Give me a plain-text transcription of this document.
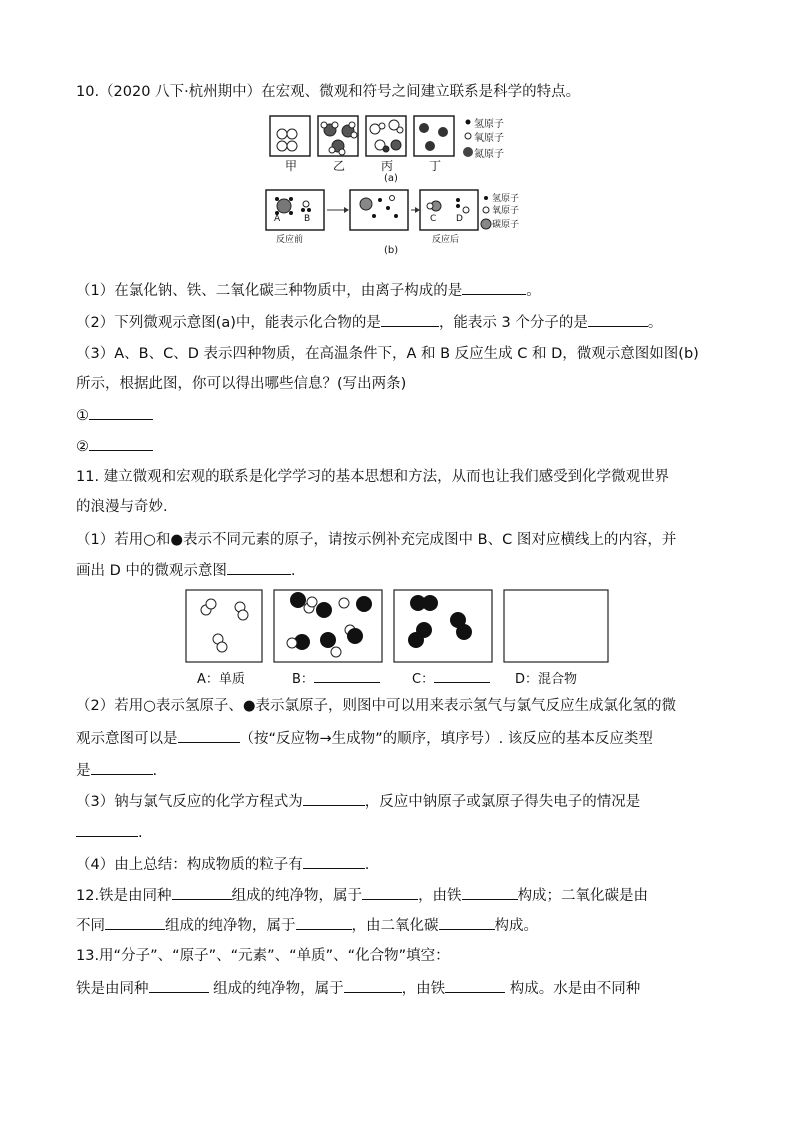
10.（2020 八下·杭州期中）在宏观、微观和符号之间建立联系是科学的特点。
甲	乙	丙	丁
氢原子
氧原子
氮原子
(a)
A	B	C D
反应前	反应后
氢原子
氧原子
碳原子
(b)
（1）在氯化钠、铁、二氧化碳三种物质中，由离子构成的是	。
（2）下列微观示意图(a)中，能表示化合物的是	，能表示 3 个分子的是	。
（3）A、B、C、D 表示四种物质，在高温条件下，A 和 B 反应生成 C 和 D，微观示意图如图(b)
所示，根据此图，你可以得出哪些信息？(写出两条)
①
②
11. 建立微观和宏观的联系是化学学习的基本思想和方法，从而也让我们感受到化学微观世界
的浪漫与奇妙.
（1）若用○和●表示不同元素的原子，请按示例补充完成图中 B、C 图对应横线上的内容，并
画出 D 中的微观示意图	.
A：单质	B：	C：	D：混合物
（2）若用○表示氢原子、●表示氯原子，则图中可以用来表示氢气与氯气反应生成氯化氢的微
观示意图可以是	（按“反应物→生成物”的顺序，填序号）. 该反应的基本反应类型
是	.
（3）钠与氯气反应的化学方程式为	，反应中钠原子或氯原子得失电子的情况是
.
（4）由上总结：构成物质的粒子有	.
12.铁是由同种	组成的纯净物，属于	，由铁	构成；二氧化碳是由
不同	组成的纯净物，属于	，由二氧化碳	构成。
13.用“分子”、“原子”、“元素”、“单质”、“化合物”填空：
铁是由同种	组成的纯净物，属于	，由铁	构成。水是由不同种
